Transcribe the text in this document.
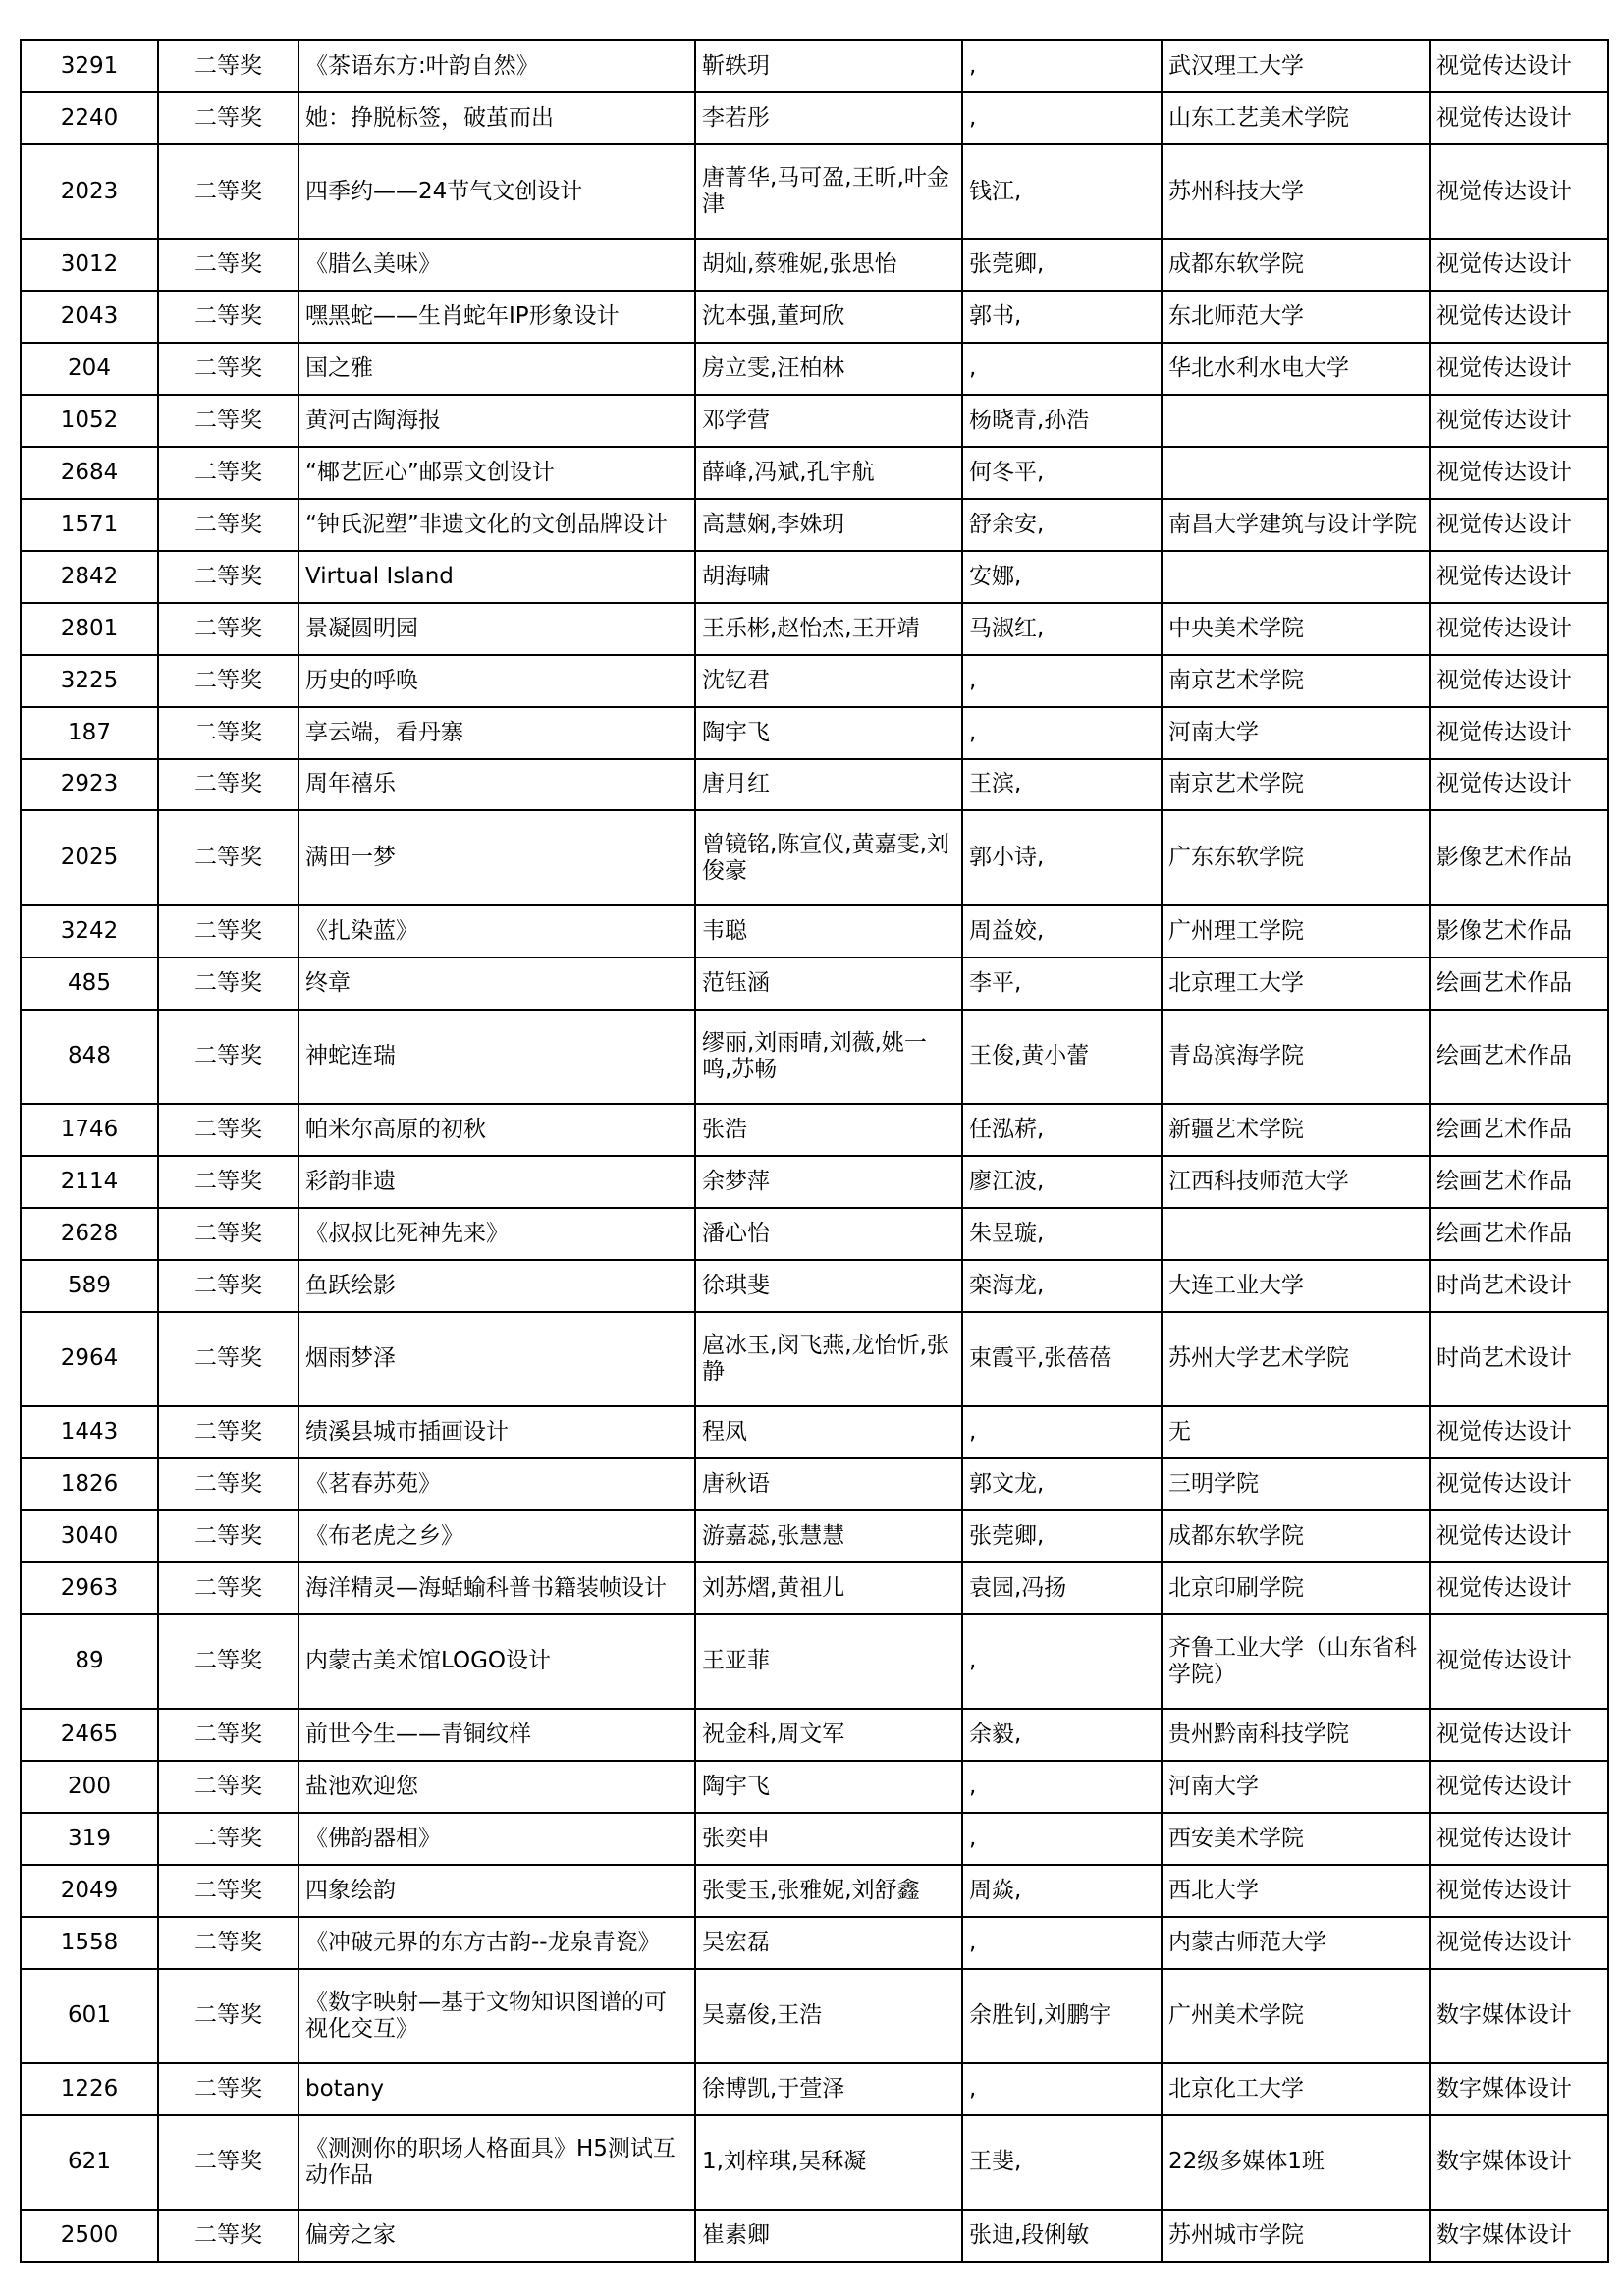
3291	二等奖	《茶语东方:叶韵自然》	靳轶玥	,	武汉理工大学	视觉传达设计
2240	二等奖	她：挣脱标签，破茧而出	李若彤	,	山东工艺美术学院	视觉传达设计
2023	二等奖	四季约——24节气文创设计	唐菁华,马可盈,王昕,叶金津	钱江,	苏州科技大学	视觉传达设计
3012	二等奖	《腊么美味》	胡灿,蔡雅妮,张思怡	张莞卿,	成都东软学院	视觉传达设计
2043	二等奖	嘿黑蛇——生肖蛇年IP形象设计	沈本强,董珂欣	郭书,	东北师范大学	视觉传达设计
204	二等奖	国之雅	房立雯,汪柏林	,	华北水利水电大学	视觉传达设计
1052	二等奖	黄河古陶海报	邓学营	杨晓青,孙浩		视觉传达设计
2684	二等奖	“椰艺匠心”邮票文创设计	薛峰,冯斌,孔宇航	何冬平,		视觉传达设计
1571	二等奖	“钟氏泥塑”非遗文化的文创品牌设计	高慧娴,李姝玥	舒余安,	南昌大学建筑与设计学院	视觉传达设计
2842	二等奖	Virtual Island	胡海啸	安娜,		视觉传达设计
2801	二等奖	景凝圆明园	王乐彬,赵怡杰,王开靖	马淑红,	中央美术学院	视觉传达设计
3225	二等奖	历史的呼唤	沈钇君	,	南京艺术学院	视觉传达设计
187	二等奖	享云端，看丹寨	陶宇飞	,	河南大学	视觉传达设计
2923	二等奖	周年禧乐	唐月红	王滨,	南京艺术学院	视觉传达设计
2025	二等奖	满田一梦	曾镜铭,陈宣仪,黄嘉雯,刘俊豪	郭小诗,	广东东软学院	影像艺术作品
3242	二等奖	《扎染蓝》	韦聪	周益姣,	广州理工学院	影像艺术作品
485	二等奖	终章	范钰涵	李平,	北京理工大学	绘画艺术作品
848	二等奖	神蛇连瑞	缪丽,刘雨晴,刘薇,姚一鸣,苏畅	王俊,黄小蕾	青岛滨海学院	绘画艺术作品
1746	二等奖	帕米尔高原的初秋	张浩	任泓菥,	新疆艺术学院	绘画艺术作品
2114	二等奖	彩韵非遗	余梦萍	廖江波,	江西科技师范大学	绘画艺术作品
2628	二等奖	《叔叔比死神先来》	潘心怡	朱昱璇,		绘画艺术作品
589	二等奖	鱼跃绘影	徐琪斐	栾海龙,	大连工业大学	时尚艺术设计
2964	二等奖	烟雨梦泽	扈冰玉,闵飞燕,龙怡忻,张静	束霞平,张蓓蓓	苏州大学艺术学院	时尚艺术设计
1443	二等奖	绩溪县城市插画设计	程凤	,	无	视觉传达设计
1826	二等奖	《茗春苏苑》	唐秋语	郭文龙,	三明学院	视觉传达设计
3040	二等奖	《布老虎之乡》	游嘉蕊,张慧慧	张莞卿,	成都东软学院	视觉传达设计
2963	二等奖	海洋精灵—海蛞蝓科普书籍装帧设计	刘苏熠,黄祖儿	袁园,冯扬	北京印刷学院	视觉传达设计
89	二等奖	内蒙古美术馆LOGO设计	王亚菲	,	齐鲁工业大学（山东省科学院）	视觉传达设计
2465	二等奖	前世今生——青铜纹样	祝金科,周文军	余毅,	贵州黔南科技学院	视觉传达设计
200	二等奖	盐池欢迎您	陶宇飞	,	河南大学	视觉传达设计
319	二等奖	《佛韵器相》	张奕申	,	西安美术学院	视觉传达设计
2049	二等奖	四象绘韵	张雯玉,张雅妮,刘舒鑫	周焱,	西北大学	视觉传达设计
1558	二等奖	《冲破元界的东方古韵--龙泉青瓷》	吴宏磊	,	内蒙古师范大学	视觉传达设计
601	二等奖	《数字映射—基于文物知识图谱的可视化交互》	吴嘉俊,王浩	余胜钊,刘鹏宇	广州美术学院	数字媒体设计
1226	二等奖	botany	徐博凯,于萱泽	,	北京化工大学	数字媒体设计
621	二等奖	《测测你的职场人格面具》H5测试互动作品	1,刘梓琪,吴秝凝	王斐,	22级多媒体1班	数字媒体设计
2500	二等奖	偏旁之家	崔素卿	张迪,段俐敏	苏州城市学院	数字媒体设计
